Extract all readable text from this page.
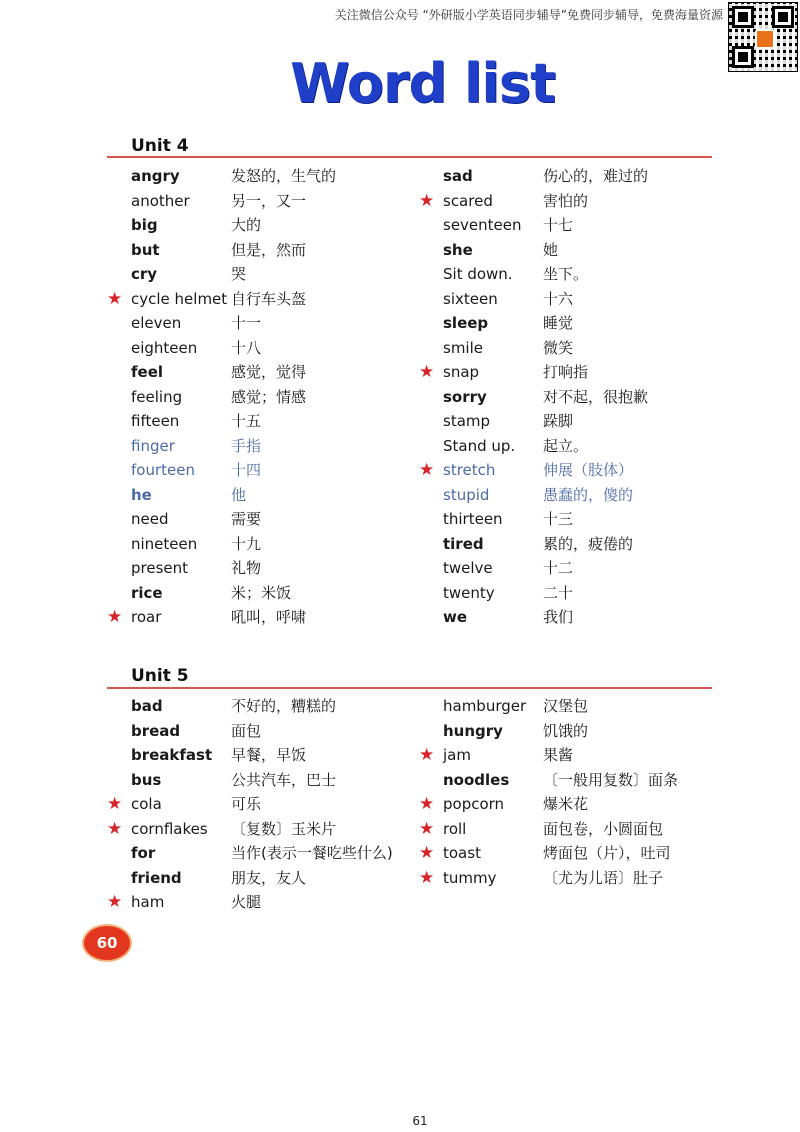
关注微信公众号 “外研版小学英语同步辅导”免费同步辅导，免费海量资源
Word list
Unit 4
angry	发怒的，生气的
another	另一，又一
big	大的
but	但是，然而
cry	哭
★ cycle helmet 自行车头盔
eleven	十一
eighteen 十八
feel	感觉，觉得
feeling	感觉；情感
fifteen	十五
finger	手指
fourteen 十四
he	他
need	需要
nineteen 十九
present	礼物
rice	米；米饭
★ roar	吼叫，呼啸
sad	伤心的，难过的
★ scared	害怕的
seventeen 十七
she	她
Sit down. 坐下。
sixteen	十六
sleep	睡觉
smile	微笑
★ snap	打响指
sorry	对不起，很抱歉
stamp	跺脚
Stand up. 起立。
★ stretch	伸展（肢体）
stupid	愚蠢的，傻的
thirteen	十三
tired	累的，疲倦的
twelve	十二
twenty	二十
we	我们
Unit 5
bad	不好的，糟糕的
bread	面包
breakfast 早餐，早饭
bus	公共汽车，巴士
★ cola	可乐
★ cornflakes 〔复数〕玉米片
for	当作(表示一餐吃些什么)
friend	朋友，友人
★ ham	火腿
hamburger 汉堡包
hungry	饥饿的
★ jam	果酱
noodles 〔一般用复数〕面条
★ popcorn	爆米花
★ roll	面包卷，小圆面包
★ toast	烤面包（片），吐司
★ tummy	〔尤为儿语〕肚子
60
61
